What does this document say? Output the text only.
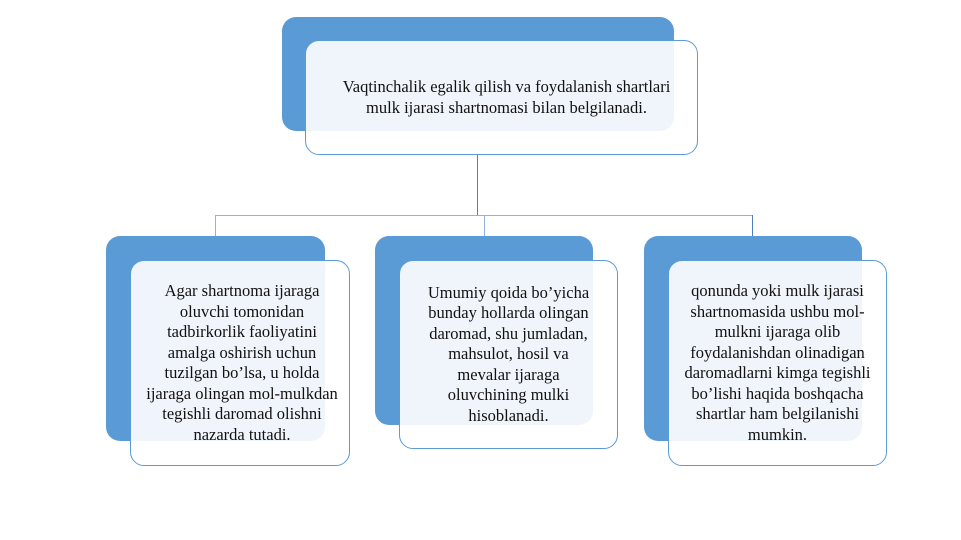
Vaqtinchalik egalik qilish va foydalanish shartlari mulk ijarasi shartnomasi bilan belgilanadi.
Agar shartnoma ijaraga oluvchi tomonidan tadbirkorlik faoliyatini amalga oshirish uchun tuzilgan bo’lsa, u holda ijaraga olingan mol-mulkdan tegishli daromad olishni nazarda tutadi.
Umumiy qoida bo’yicha bunday hollarda olingan daromad, shu jumladan, mahsulot, hosil va mevalar ijaraga oluvchining mulki hisoblanadi.
qonunda yoki mulk ijarasi shartnomasida ushbu mol-mulkni ijaraga olib foydalanishdan olinadigan daromadlarni kimga tegishli bo’lishi haqida boshqacha shartlar ham belgilanishi mumkin.
